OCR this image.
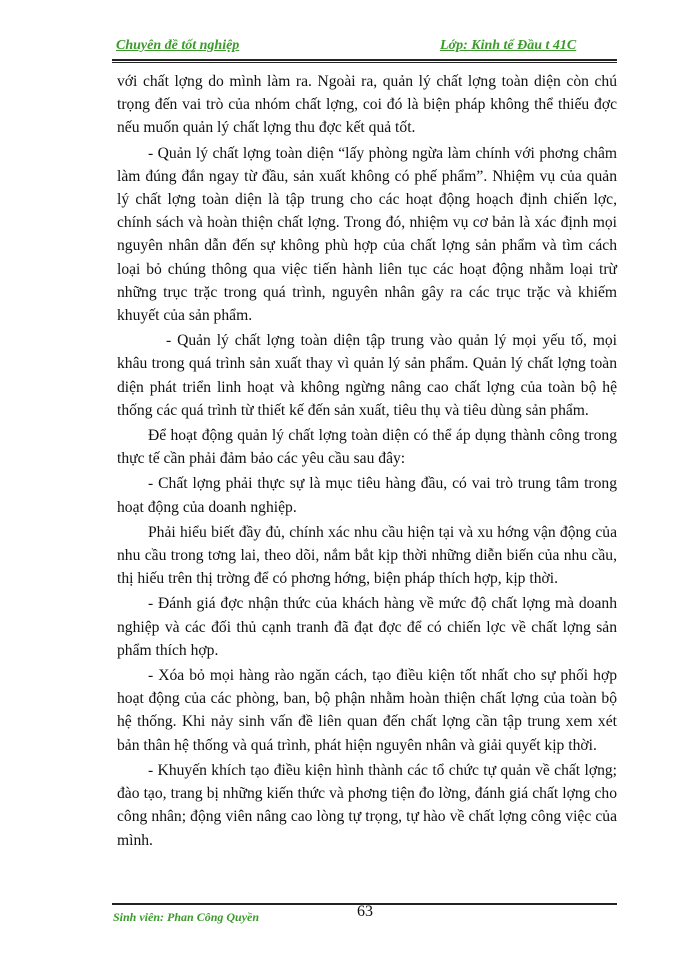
Chuyên đề tốt nghiệp	Lớp: Kinh tế Đầu t 41C

với chất lợng do mình làm ra. Ngoài ra, quản lý chất lợng toàn diện còn chú trọng đến vai trò của nhóm chất lợng, coi đó là biện pháp không thể thiếu đợc nếu muốn quản lý chất lợng thu đợc kết quả tốt.

- Quản lý chất lợng toàn diện “lấy phòng ngừa làm chính với phơng châm làm đúng đắn ngay từ đầu, sản xuất không có phế phẩm”. Nhiệm vụ của quản lý chất lợng toàn diện là tập trung cho các hoạt động hoạch định chiến lợc, chính sách và hoàn thiện chất lợng. Trong đó, nhiệm vụ cơ bản là xác định mọi nguyên nhân dẫn đến sự không phù hợp của chất lợng sản phẩm và tìm cách loại bỏ chúng thông qua việc tiến hành liên tục các hoạt động nhằm loại trừ những trục trặc trong quá trình, nguyên nhân gây ra các trục trặc và khiếm khuyết của sản phẩm.

- Quản lý chất lợng toàn diện tập trung vào quản lý mọi yếu tố, mọi khâu trong quá trình sản xuất thay vì quản lý sản phẩm. Quản lý chất lợng toàn diện phát triển linh hoạt và không ngừng nâng cao chất lợng của toàn bộ hệ thống các quá trình từ thiết kế đến sản xuất, tiêu thụ và tiêu dùng sản phẩm.

Để hoạt động quản lý chất lợng toàn diện có thể áp dụng thành công trong thực tế cần phải đảm bảo các yêu cầu sau đây:

- Chất lợng phải thực sự là mục tiêu hàng đầu, có vai trò trung tâm trong hoạt động của doanh nghiệp.

Phải hiểu biết đầy đủ, chính xác nhu cầu hiện tại và xu hớng vận động của nhu cầu trong tơng lai, theo dõi, nắm bắt kịp thời những diễn biến của nhu cầu, thị hiếu trên thị trờng để có phơng hớng, biện pháp thích hợp, kịp thời.

- Đánh giá đợc nhận thức của khách hàng về mức độ chất lợng mà doanh nghiệp và các đối thủ cạnh tranh đã đạt đợc để có chiến lợc về chất lợng sản phẩm thích hợp.

- Xóa bỏ mọi hàng rào ngăn cách, tạo điều kiện tốt nhất cho sự phối hợp hoạt động của các phòng, ban, bộ phận nhằm hoàn thiện chất lợng của toàn bộ hệ thống. Khi nảy sinh vấn đề liên quan đến chất lợng cần tập trung xem xét bản thân hệ thống và quá trình, phát hiện nguyên nhân và giải quyết kịp thời.

- Khuyến khích tạo điều kiện hình thành các tổ chức tự quản về chất lợng; đào tạo, trang bị những kiến thức và phơng tiện đo lờng, đánh giá chất lợng cho công nhân; động viên nâng cao lòng tự trọng, tự hào về chất lợng công việc của mình.

Sinh viên: Phan Công Quyền	63
